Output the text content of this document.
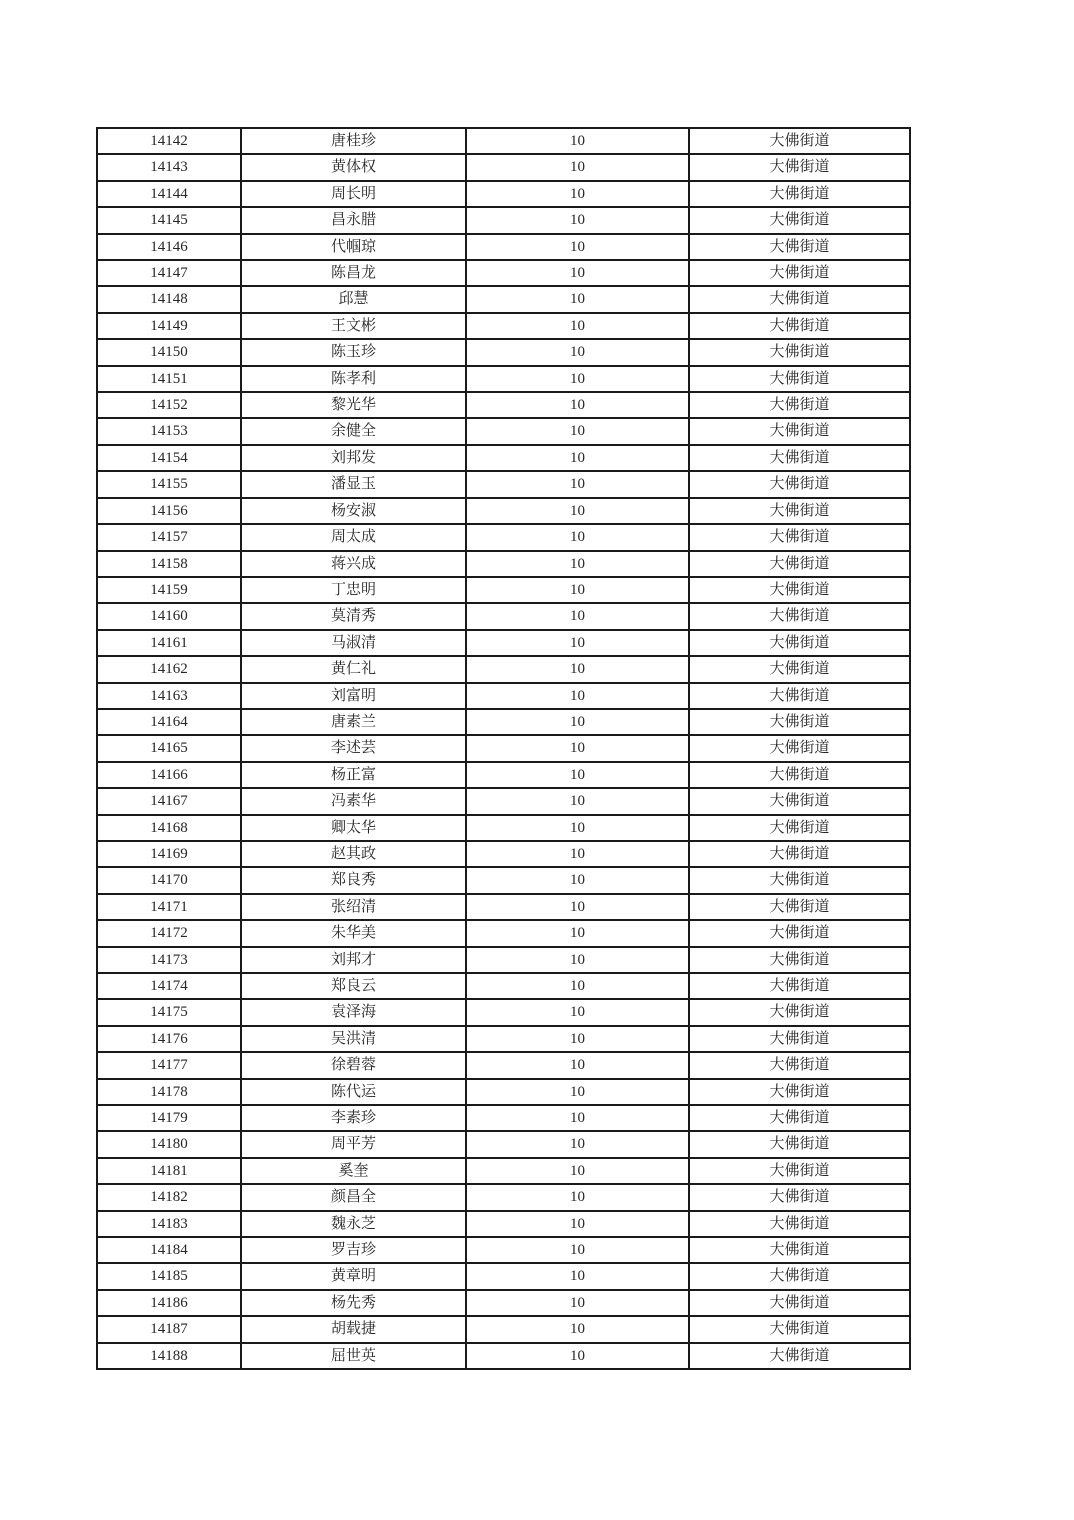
14142	唐桂珍	10	大佛街道
14143	黄体权	10	大佛街道
14144	周长明	10	大佛街道
14145	昌永腊	10	大佛街道
14146	代帼琼	10	大佛街道
14147	陈昌龙	10	大佛街道
14148	邱慧	10	大佛街道
14149	王文彬	10	大佛街道
14150	陈玉珍	10	大佛街道
14151	陈孝利	10	大佛街道
14152	黎光华	10	大佛街道
14153	余健全	10	大佛街道
14154	刘邦发	10	大佛街道
14155	潘显玉	10	大佛街道
14156	杨安淑	10	大佛街道
14157	周太成	10	大佛街道
14158	蒋兴成	10	大佛街道
14159	丁忠明	10	大佛街道
14160	莫清秀	10	大佛街道
14161	马淑清	10	大佛街道
14162	黄仁礼	10	大佛街道
14163	刘富明	10	大佛街道
14164	唐素兰	10	大佛街道
14165	李述芸	10	大佛街道
14166	杨正富	10	大佛街道
14167	冯素华	10	大佛街道
14168	卿太华	10	大佛街道
14169	赵其政	10	大佛街道
14170	郑良秀	10	大佛街道
14171	张绍清	10	大佛街道
14172	朱华美	10	大佛街道
14173	刘邦才	10	大佛街道
14174	郑良云	10	大佛街道
14175	袁泽海	10	大佛街道
14176	吴洪清	10	大佛街道
14177	徐碧蓉	10	大佛街道
14178	陈代运	10	大佛街道
14179	李素珍	10	大佛街道
14180	周平芳	10	大佛街道
14181	奚奎	10	大佛街道
14182	颜昌全	10	大佛街道
14183	魏永芝	10	大佛街道
14184	罗吉珍	10	大佛街道
14185	黄章明	10	大佛街道
14186	杨先秀	10	大佛街道
14187	胡载捷	10	大佛街道
14188	屈世英	10	大佛街道
